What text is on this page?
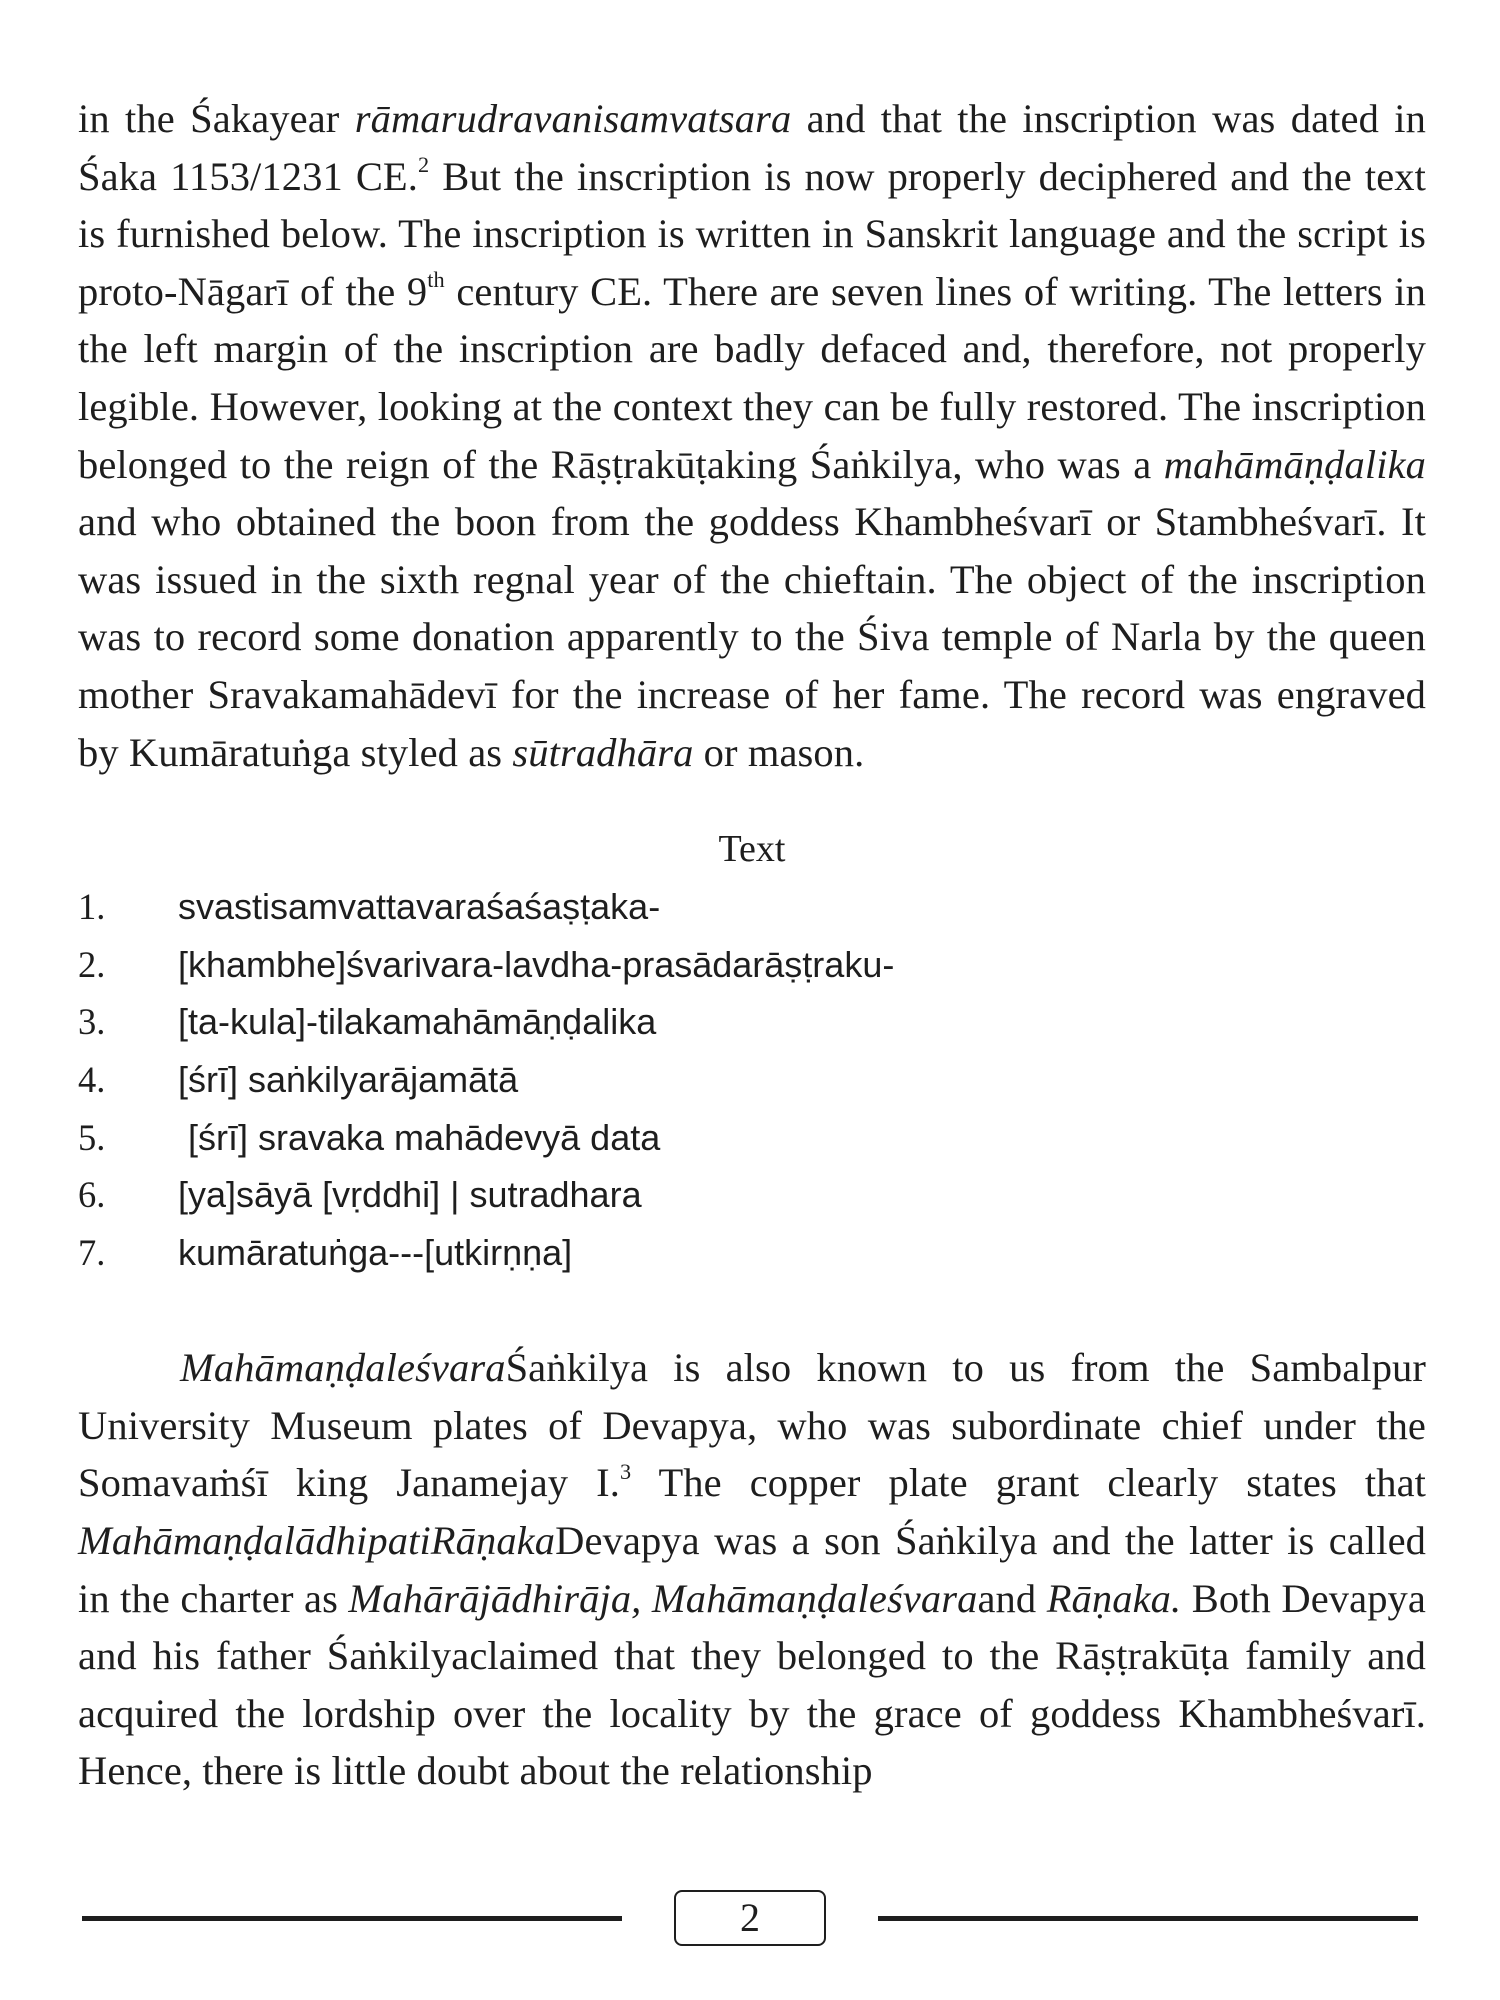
in the Śakayear rāmarudravanisamvatsara and that the inscription was dated in Śaka 1153/1231 CE.$^2$ But the inscription is now properly deciphered and the text is furnished below. The inscription is written in Sanskrit language and the script is proto-Nāgarī of the 9th century CE. There are seven lines of writing. The letters in the left margin of the inscription are badly defaced and, therefore, not properly legible. However, looking at the context they can be fully restored. The inscription belonged to the reign of the Rāṣṭrakūṭaking Śaṅkilya, who was a mahāmāṇḍalika and who obtained the boon from the goddess Khambheśvarī or Stambheśvarī. It was issued in the sixth regnal year of the chieftain. The object of the inscription was to record some donation apparently to the Śiva temple of Narla by the queen mother Sravakamahādevī for the increase of her fame. The record was engraved by Kumāratuṅga styled as sūtradhāra or mason.

Text
1.	svastisamvattavaraśaśaṣṭaka-
2.	[khambhe]śvarivara-lavdha-prasādarāṣṭraku-
3.	[ta-kula]-tilakamahāmāṇḍalika
4.	[śrī] saṅkilyarājamātā
5.	[śrī] sravaka mahādevyā data
6.	[ya]sāyā [vṛddhi] | sutradhara
7.	kumāratuṅga---[utkirṇṇa]

MahāmaṇḍaleśvaraŚaṅkilya is also known to us from the Sambalpur University Museum plates of Devapya, who was subordinate chief under the Somavaṁśī king Janamejay I.$^3$ The copper plate grant clearly states that MahāmaṇḍalādhipatiRāṇakaDevapya was a son Śaṅkilya and the latter is called in the charter as Mahārājādhirāja, Mahāmaṇḍaleśvaraand Rāṇaka. Both Devapya and his father Śaṅkilyaclaimed that they belonged to the Rāṣṭrakūṭa family and acquired the lordship over the locality by the grace of goddess Khambheśvarī. Hence, there is little doubt about the relationship

2
